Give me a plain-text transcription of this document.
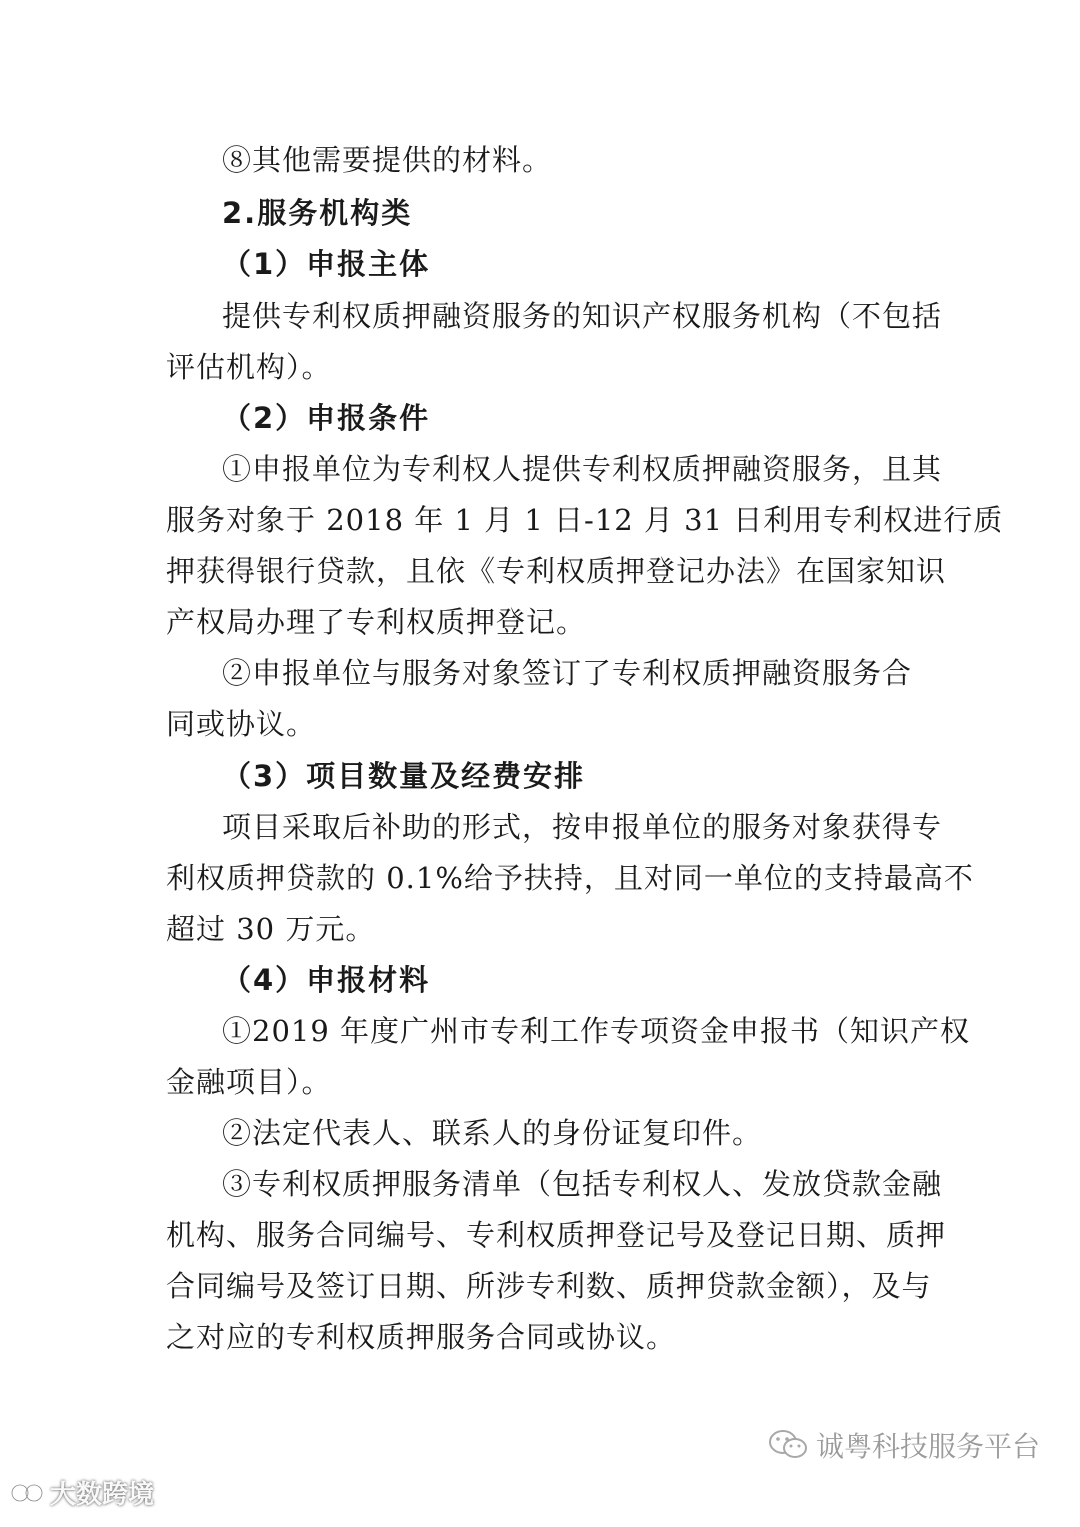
⑧其他需要提供的材料。
2.服务机构类
（1）申报主体
提供专利权质押融资服务的知识产权服务机构（不包括
评估机构）。
（2）申报条件
①申报单位为专利权人提供专利权质押融资服务，且其
服务对象于 2018 年 1 月 1 日-12 月 31 日利用专利权进行质
押获得银行贷款，且依《专利权质押登记办法》在国家知识
产权局办理了专利权质押登记。
②申报单位与服务对象签订了专利权质押融资服务合
同或协议。
（3）项目数量及经费安排
项目采取后补助的形式，按申报单位的服务对象获得专
利权质押贷款的 0.1%给予扶持，且对同一单位的支持最高不
超过 30 万元。
（4）申报材料
①2019 年度广州市专利工作专项资金申报书（知识产权
金融项目）。
②法定代表人、联系人的身份证复印件。
③专利权质押服务清单（包括专利权人、发放贷款金融
机构、服务合同编号、专利权质押登记号及登记日期、质押
合同编号及签订日期、所涉专利数、质押贷款金额），及与
之对应的专利权质押服务合同或协议。
诚粤科技服务平台
大数跨境
